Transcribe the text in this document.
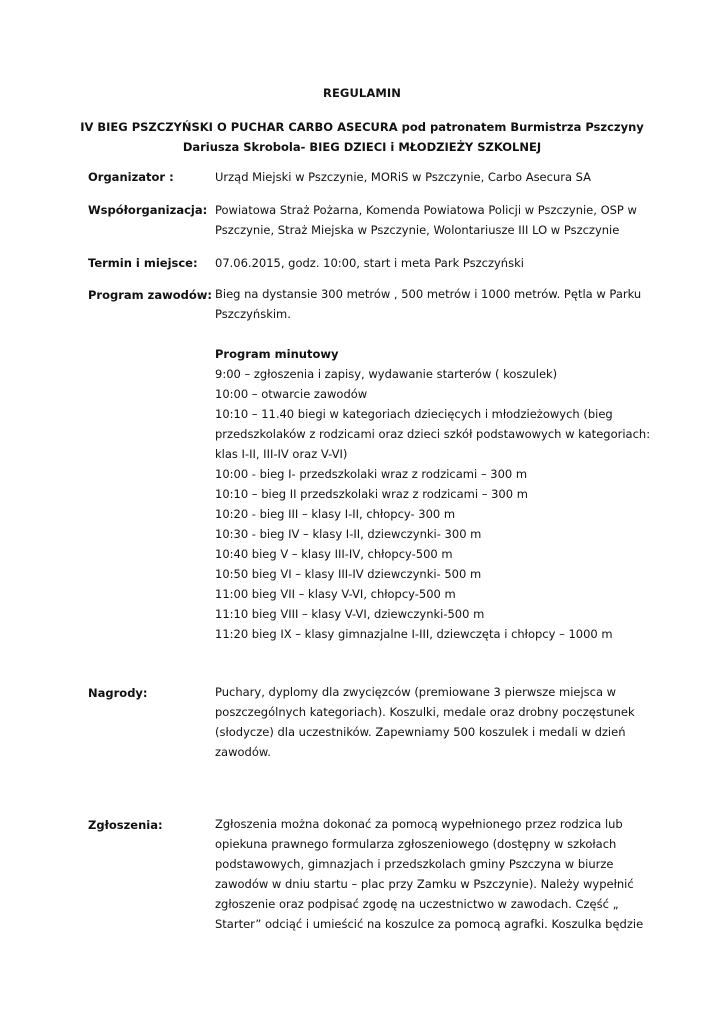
REGULAMIN
IV BIEG PSZCZYŃSKI O PUCHAR CARBO ASECURA pod patronatem Burmistrza Pszczyny
Dariusza Skrobola- BIEG DZIECI i MŁODZIEŻY SZKOLNEJ
Organizator :	Urząd Miejski w Pszczynie, MORiS w Pszczynie, Carbo Asecura SA
Współorganizacja: Powiatowa Straż Pożarna, Komenda Powiatowa Policji w Pszczynie, OSP w
Pszczynie, Straż Miejska w Pszczynie, Wolontariusze III LO w Pszczynie
Termin i miejsce: 07.06.2015, godz. 10:00, start i meta Park Pszczyński
Program zawodów: Bieg na dystansie 300 metrów , 500 metrów i 1000 metrów. Pętla w Parku
Pszczyńskim.
Program minutowy
9:00 – zgłoszenia i zapisy, wydawanie starterów ( koszulek)
10:00 – otwarcie zawodów
10:10 – 11.40 biegi w kategoriach dziecięcych i młodzieżowych (bieg
przedszkolaków z rodzicami oraz dzieci szkół podstawowych w kategoriach:
klas I-II, III-IV oraz V-VI)
10:00 - bieg I- przedszkolaki wraz z rodzicami – 300 m
10:10 – bieg II przedszkolaki wraz z rodzicami – 300 m
10:20 - bieg III – klasy I-II, chłopcy- 300 m
10:30 - bieg IV – klasy I-II, dziewczynki- 300 m
10:40 bieg V – klasy III-IV, chłopcy-500 m
10:50 bieg VI – klasy III-IV dziewczynki- 500 m
11:00 bieg VII – klasy V-VI, chłopcy-500 m
11:10 bieg VIII – klasy V-VI, dziewczynki-500 m
11:20 bieg IX – klasy gimnazjalne I-III, dziewczęta i chłopcy – 1000 m
Nagrody:	Puchary, dyplomy dla zwycięzców (premiowane 3 pierwsze miejsca w
poszczególnych kategoriach). Koszulki, medale oraz drobny poczęstunek
(słodycze) dla uczestników. Zapewniamy 500 koszulek i medali w dzień
zawodów.
Zgłoszenia:	Zgłoszenia można dokonać za pomocą wypełnionego przez rodzica lub
opiekuna prawnego formularza zgłoszeniowego (dostępny w szkołach
podstawowych, gimnazjach i przedszkolach gminy Pszczyna w biurze
zawodów w dniu startu – plac przy Zamku w Pszczynie). Należy wypełnić
zgłoszenie oraz podpisać zgodę na uczestnictwo w zawodach. Część „
Starter” odciąć i umieścić na koszulce za pomocą agrafki. Koszulka będzie
